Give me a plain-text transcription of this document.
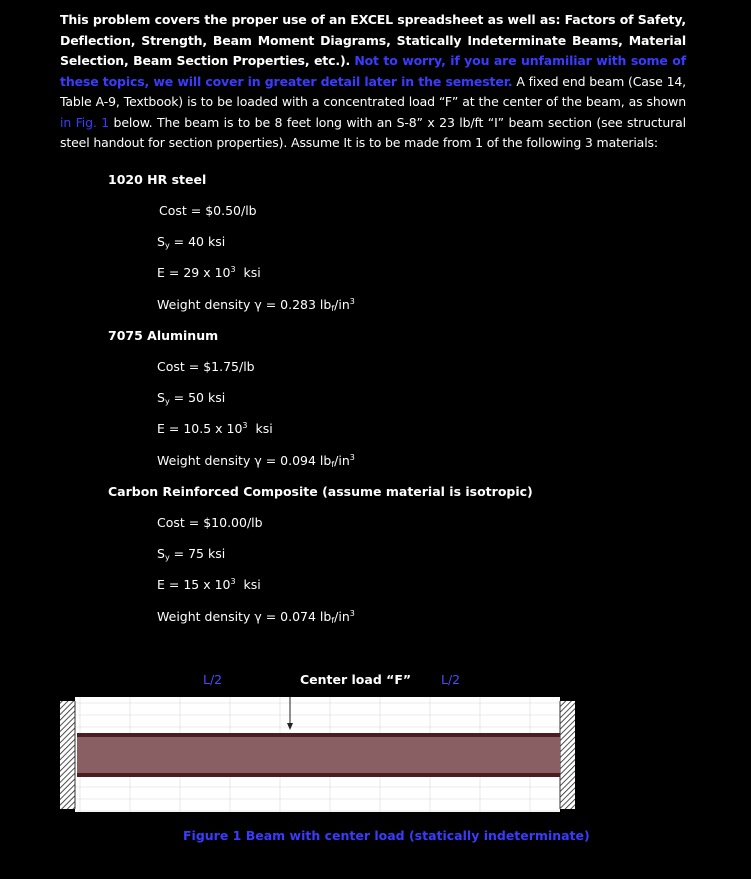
This problem covers the proper use of an EXCEL spreadsheet as well as: Factors of Safety, Deflection, Strength, Beam Moment Diagrams, Statically Indeterminate Beams, Material Selection, Beam Section Properties, etc.). Not to worry, if you are unfamiliar with some of these topics, we will cover in greater detail later in the semester. A fixed end beam (Case 14, Table A-9, Textbook) is to be loaded with a concentrated load “F” at the center of the beam, as shown in Fig. 1 below. The beam is to be 8 feet long with an S-8” x 23 lb/ft “I” beam section (see structural steel handout for section properties). Assume It is to be made from 1 of the following 3 materials:
1020 HR steel
Cost = $0.50/lb
$S_y = 40$ ksi
E = 29 x $10^3$ ksi
Weight density γ = 0.283 $lb_f/in^3$
7075 Aluminum
Cost = $1.75/lb
$S_y = 50$ ksi
E = 10.5 x $10^3$ ksi
Weight density γ = 0.094 $lb_f/in^3$
Carbon Reinforced Composite (assume material is isotropic)
Cost = $10.00/lb
$S_y = 75$ ksi
E = 15 x $10^3$ ksi
Weight density γ = 0.074 $lb_f/in^3$
L/2	Center load “F” L/2
Figure 1 Beam with center load (statically indeterminate)
